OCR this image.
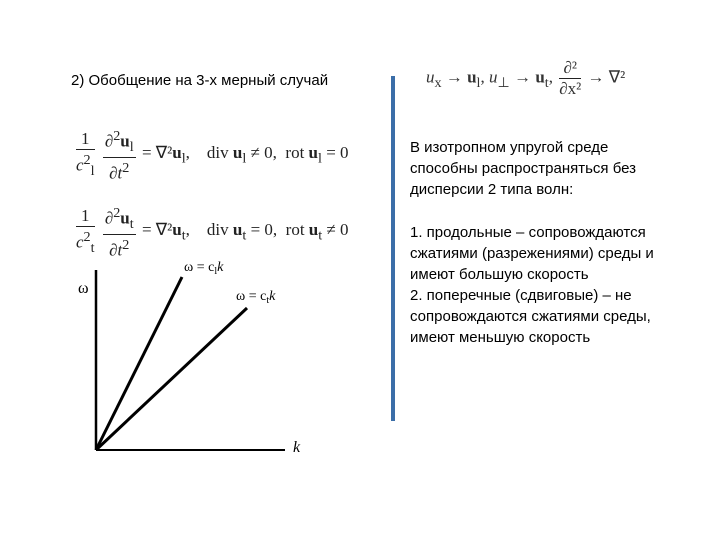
2) Обобщение на 3-х мерный случай	$u_x \to u_l$, $u_\perp \to u_t$, $\frac{\text{∂²}}{\text{∂x²}} \to \nabla^2$
$\frac{1}{c^2_l}$
$\frac{\partial^2u_l}{\partial t^2} = \nabla^2u_l$,    div $u_l \ne 0$, rot $u_l = 0$
$\frac{1}{c^2_t}$
$\frac{\partial^2u_t}{\partial t^2} = \nabla^2u_t$,    div $u_t = 0$, rot $u_t \ne 0$
ω
k
$\omega = c_lk$
$\omega = c_tk$
В изотропном упругой среде
способны распространяться без
дисперсии 2 типа волн:
1. продольные – сопровождаются
сжатиями (разрежениями) среды и
имеют большую скорость
2. поперечные (сдвиговые) – не
сопровождаются сжатиями среды,
имеют меньшую скорость
